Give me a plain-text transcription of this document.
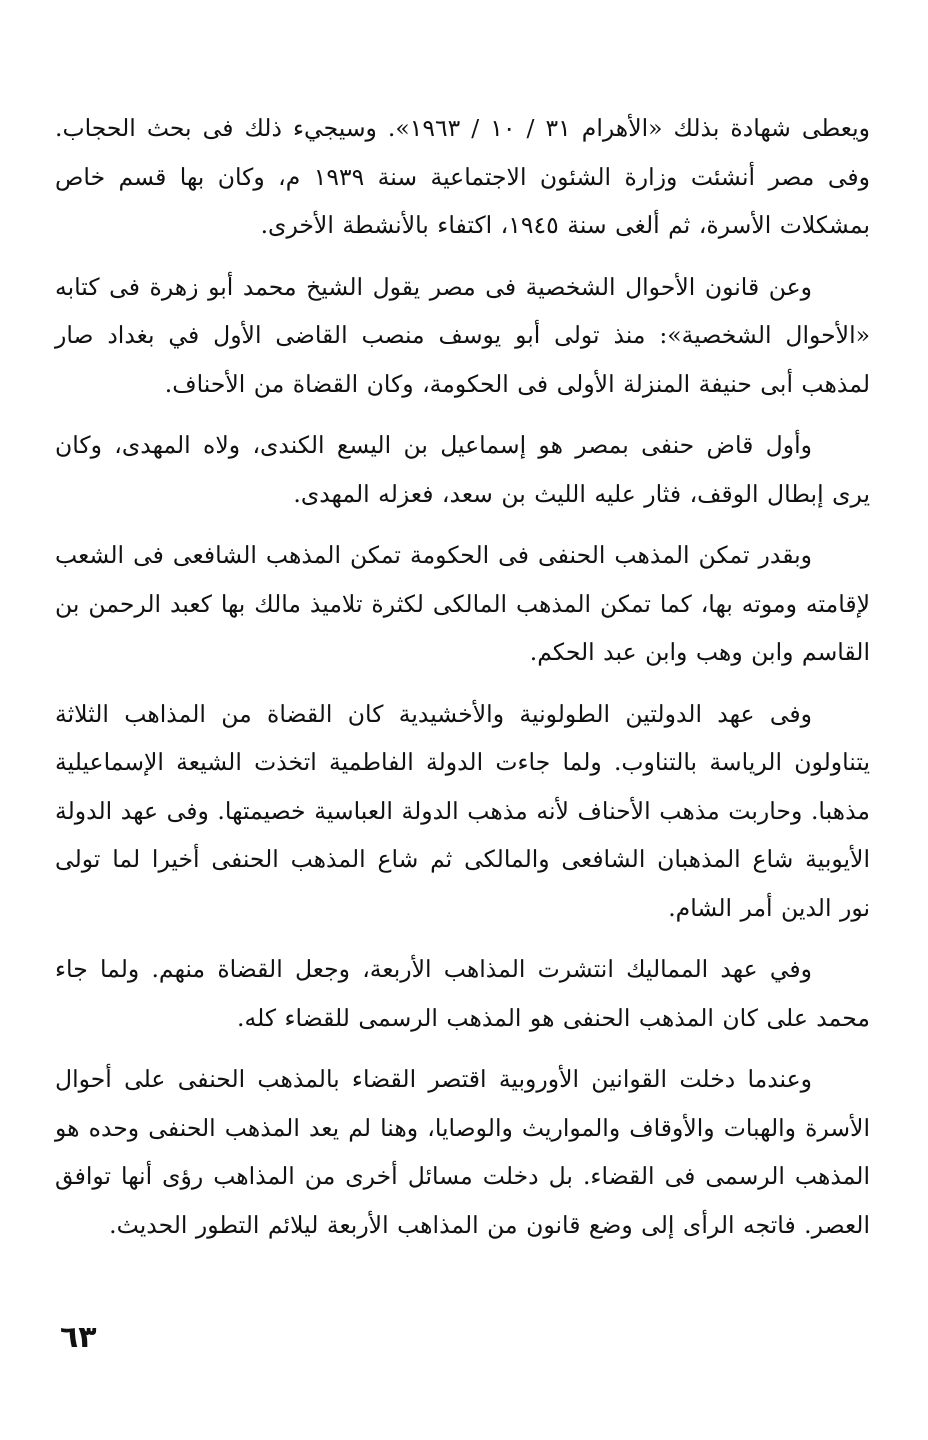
ويعطى شهادة بذلك «الأهرام ٣١ / ١٠ / ١٩٦٣». وسيجيء ذلك فى بحث الحجاب. وفى مصر أنشئت وزارة الشئون الاجتماعية سنة ١٩٣٩ م، وكان بها قسم خاص بمشكلات الأسرة، ثم ألغى سنة ١٩٤٥، اكتفاء بالأنشطة الأخرى.

وعن قانون الأحوال الشخصية فى مصر يقول الشيخ محمد أبو زهرة فى كتابه «الأحوال الشخصية»: منذ تولى أبو يوسف منصب القاضى الأول في بغداد صار لمذهب أبى حنيفة المنزلة الأولى فى الحكومة، وكان القضاة من الأحناف.

وأول قاض حنفى بمصر هو إسماعيل بن اليسع الكندى، ولاه المهدى، وكان يرى إبطال الوقف، فثار عليه الليث بن سعد، فعزله المهدى.

وبقدر تمكن المذهب الحنفى فى الحكومة تمكن المذهب الشافعى فى الشعب لإقامته وموته بها، كما تمكن المذهب المالكى لكثرة تلاميذ مالك بها كعبد الرحمن بن القاسم وابن وهب وابن عبد الحكم.

وفى عهد الدولتين الطولونية والأخشيدية كان القضاة من المذاهب الثلاثة يتناولون الرياسة بالتناوب. ولما جاءت الدولة الفاطمية اتخذت الشيعة الإسماعيلية مذهبا. وحاربت مذهب الأحناف لأنه مذهب الدولة العباسية خصيمتها. وفى عهد الدولة الأيوبية شاع المذهبان الشافعى والمالكى ثم شاع المذهب الحنفى أخيرا لما تولى نور الدين أمر الشام.

وفي عهد المماليك انتشرت المذاهب الأربعة، وجعل القضاة منهم. ولما جاء محمد على كان المذهب الحنفى هو المذهب الرسمى للقضاء كله.

وعندما دخلت القوانين الأوروبية اقتصر القضاء بالمذهب الحنفى على أحوال الأسرة والهبات والأوقاف والمواريث والوصايا، وهنا لم يعد المذهب الحنفى وحده هو المذهب الرسمى فى القضاء. بل دخلت مسائل أخرى من المذاهب رؤى أنها توافق العصر. فاتجه الرأى إلى وضع قانون من المذاهب الأربعة ليلائم التطور الحديث.

٦٣
